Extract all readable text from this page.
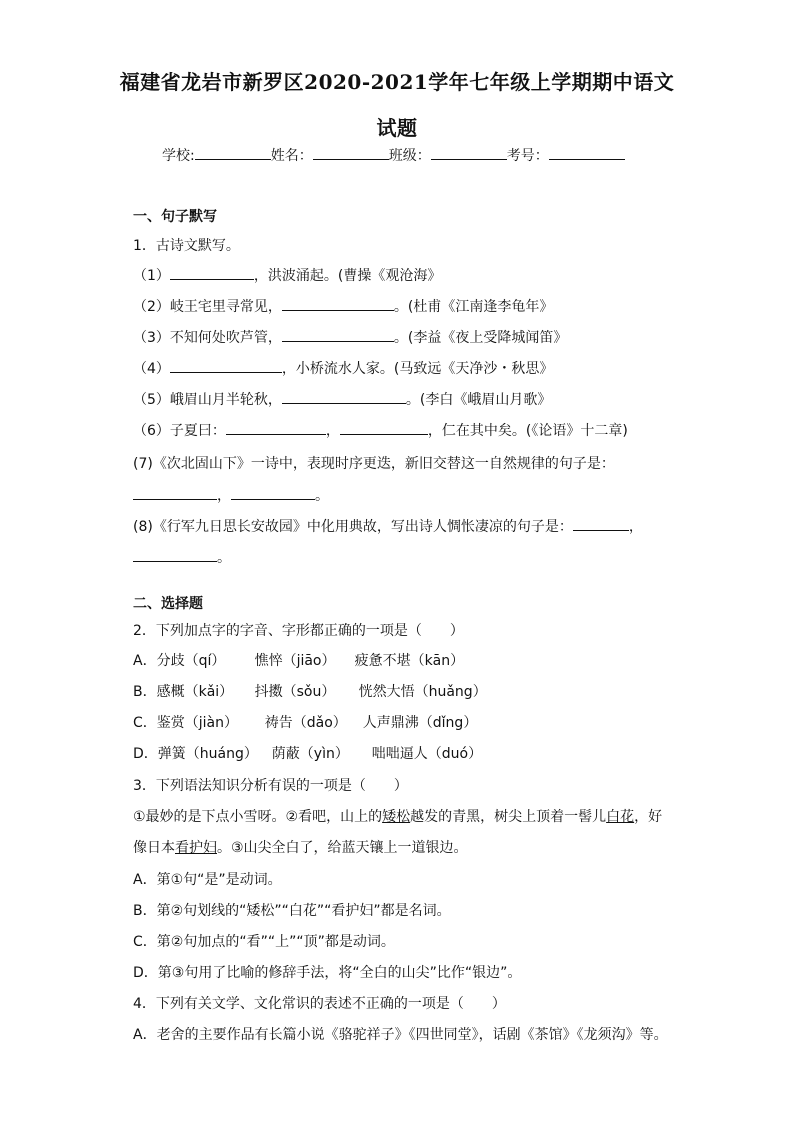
福建省龙岩市新罗区2020-2021学年七年级上学期期中语文
试题
学校:	姓名：	班级：	考号：
一、句子默写
1．古诗文默写。
（1）	，洪波涌起。(曹操《观沧海》
（2）岐王宅里寻常见，	。(杜甫《江南逢李龟年》
（3）不知何处吹芦管，	。(李益《夜上受降城闻笛》
（4）	，小桥流水人家。(马致远《天净沙・秋思》
（5）峨眉山月半轮秋，	。(李白《峨眉山月歌》
（6）子夏曰：	，	，仁在其中矣。(《论语》十二章)
(7)《次北固山下》一诗中，表现时序更迭，新旧交替这一自然规律的句子是：
，	。
(8)《行军九日思长安故园》中化用典故，写出诗人惆怅凄凉的句子是：	，
。
二、选择题
2．下列加点字的字音、字形都正确的一项是（　　）
A．分歧（qí） 憔悴（jiāo） 疲惫不堪（kān）
B．感概（kǎi） 抖擞（sǒu） 恍然大悟（huǎng）
C．鉴赏（jiàn） 祷告（dǎo） 人声鼎沸（dǐng）
D．弹簧（huáng） 荫蔽（yìn） 咄咄逼人（duó）
3．下列语法知识分析有误的一项是（　　）
①最妙的是下点小雪呀。②看吧，山上的矮松越发的青黑，树尖上顶着一髻儿白花，好
像日本看护妇。③山尖全白了，给蓝天镶上一道银边。
A．第①句“是”是动词。
B．第②句划线的“矮松”“白花”“看护妇”都是名词。
C．第②句加点的“看”“上”“顶”都是动词。
D．第③句用了比喻的修辞手法，将“全白的山尖”比作“银边”。
4．下列有关文学、文化常识的表述不正确的一项是（　　）
A．老舍的主要作品有长篇小说《骆驼祥子》《四世同堂》，话剧《茶馆》《龙须沟》等。
